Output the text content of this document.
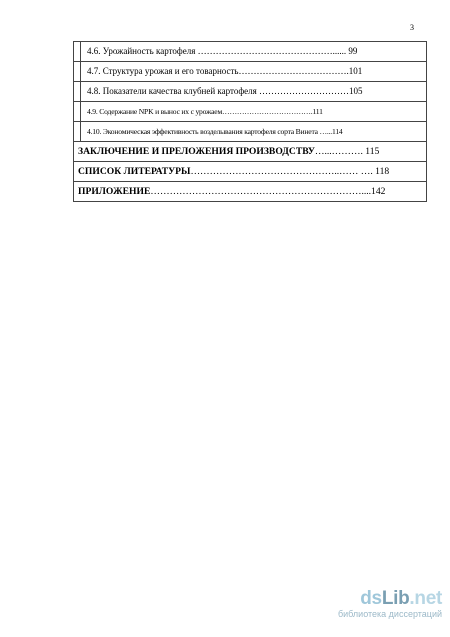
3
	4.6. Урожайность картофеля ………………………………………...... 99
	4.7. Структура урожая и его товарность……………………………….101
	4.8. Показатели качества клубней картофеля …………………………105
	4.9. Содержание NPK и вынос их с урожаем……………………………….111
	4.10. Экономическая эффективность возделывания картофеля сорта Винета …...114
ЗАКЛЮЧЕНИЕ И ПРЕЛОЖЕНИЯ ПРОИЗВОДСТВУ…...………. 115	
СПИСОК ЛИТЕРАТУРЫ………………………………………..…… …. 118	
ПРИЛОЖЕНИЕ…………………………………………………………....142	
dsLib.net
библиотека диссертаций
